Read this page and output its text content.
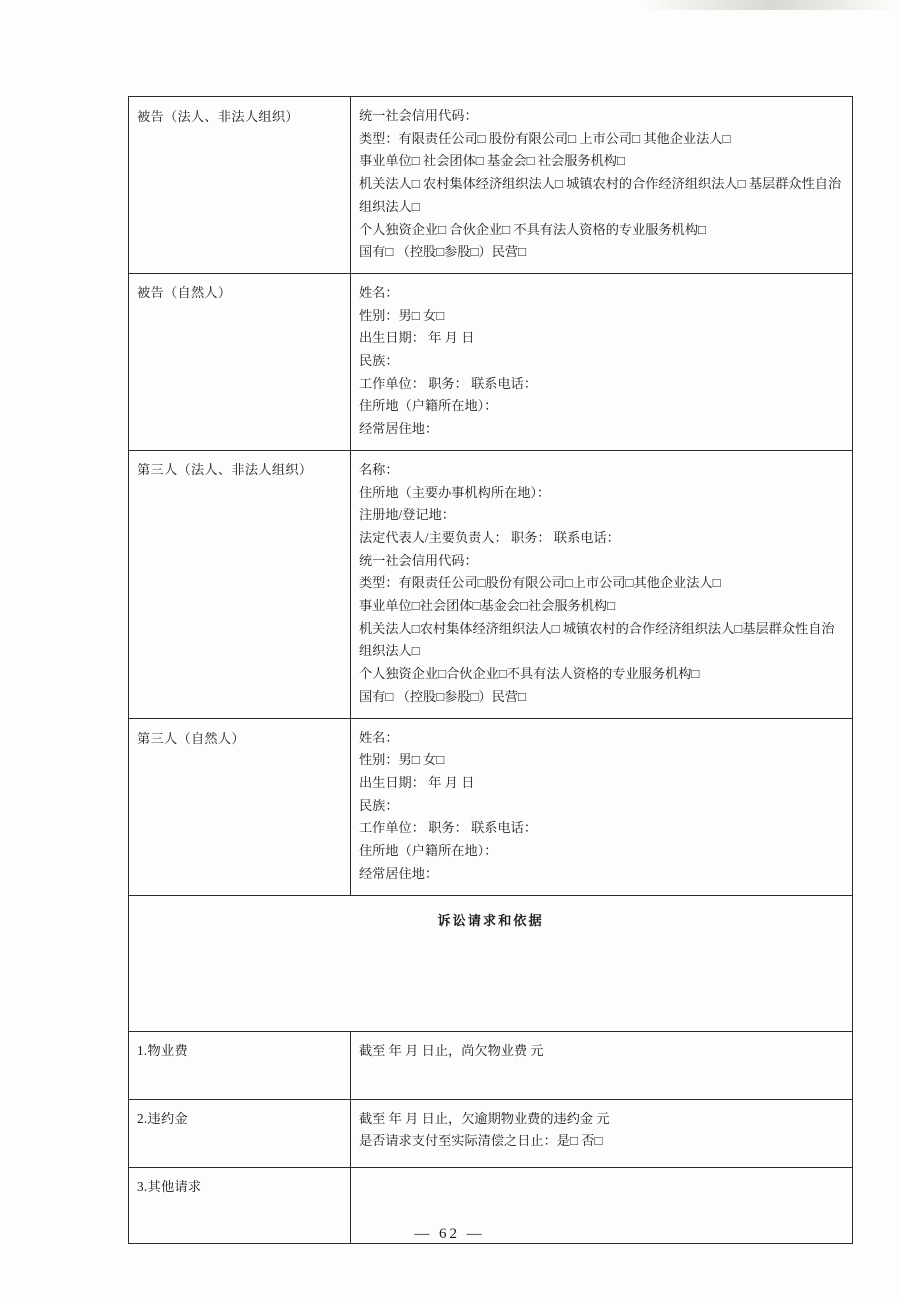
被告（法人、非法人组织）	统一社会信用代码：
类型：有限责任公司□ 股份有限公司□ 上市公司□ 其他企业法人□
事业单位□ 社会团体□ 基金会□ 社会服务机构□
机关法人□ 农村集体经济组织法人□ 城镇农村的合作经济组织法人□ 基层群众性自治组织法人□
个人独资企业□ 合伙企业□ 不具有法人资格的专业服务机构□
国有□ （控股□参股□）民营□

被告（自然人）	姓名：
性别：男□ 女□
出生日期： 年 月 日
民族：
工作单位： 职务： 联系电话：
住所地（户籍所在地）：
经常居住地：

第三人（法人、非法人组织）	名称：
住所地（主要办事机构所在地）：
注册地/登记地：
法定代表人/主要负责人： 职务： 联系电话：
统一社会信用代码：
类型：有限责任公司□股份有限公司□上市公司□其他企业法人□
事业单位□社会团体□基金会□社会服务机构□
机关法人□农村集体经济组织法人□ 城镇农村的合作经济组织法人□基层群众性自治组织法人□
个人独资企业□合伙企业□不具有法人资格的专业服务机构□
国有□ （控股□参股□）民营□

第三人（自然人）	姓名：
性别：男□ 女□
出生日期： 年 月 日
民族：
工作单位： 职务： 联系电话：
住所地（户籍所在地）：
经常居住地：

诉讼请求和依据	

1.物业费	截至 年 月 日止，尚欠物业费 元

2.违约金	截至 年 月 日止，欠逾期物业费的违约金 元
是否请求支付至实际清偿之日止：是□ 否□

3.其他请求	
— 62 —
